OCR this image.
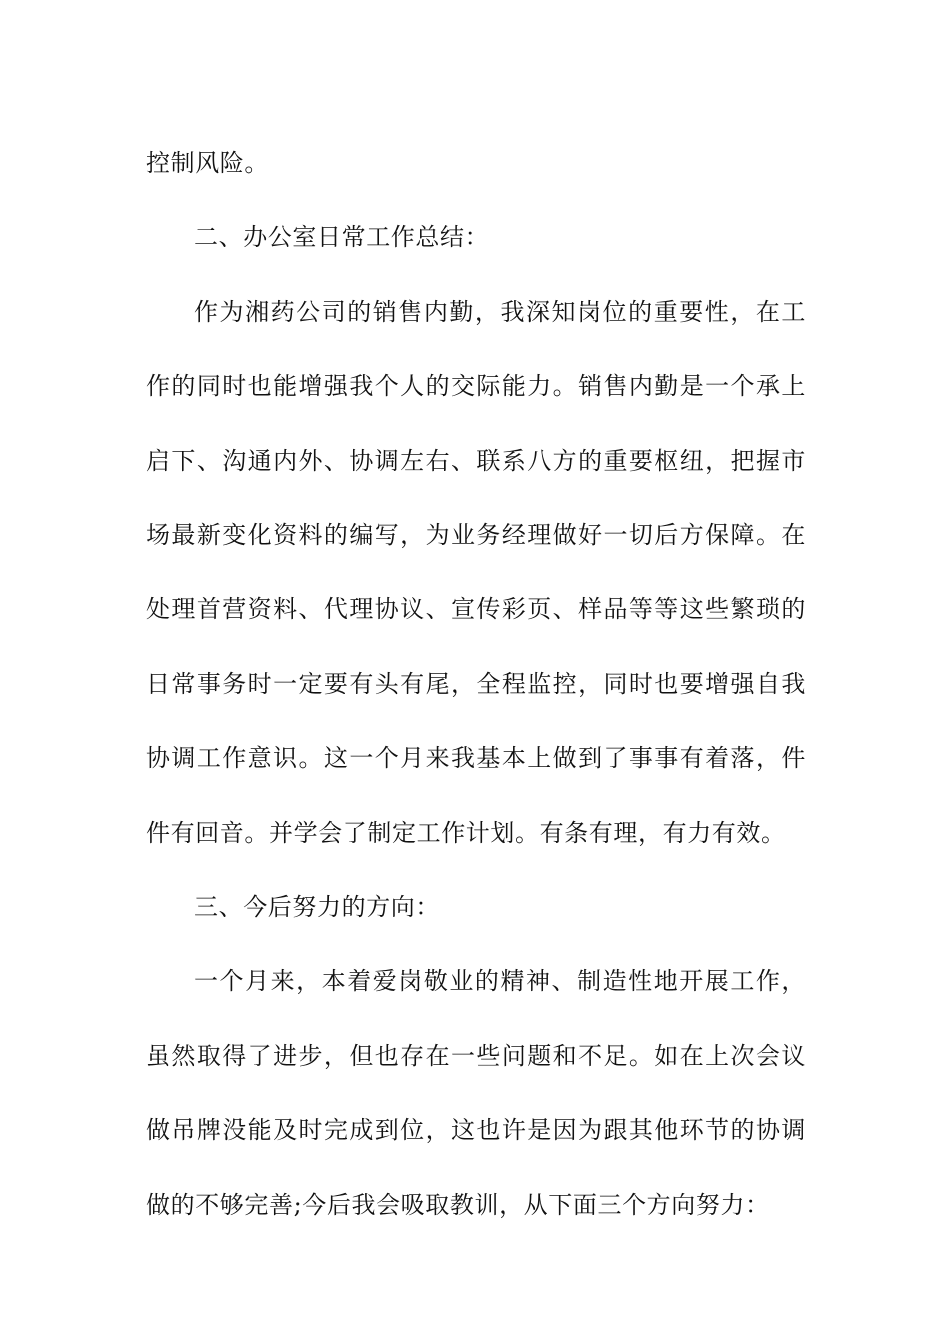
控制风险。

二、办公室日常工作总结：

作为湘药公司的销售内勤，我深知岗位的重要性，在工作的同时也能增强我个人的交际能力。销售内勤是一个承上启下、沟通内外、协调左右、联系八方的重要枢纽，把握市场最新变化资料的编写，为业务经理做好一切后方保障。在处理首营资料、代理协议、宣传彩页、样品等等这些繁琐的日常事务时一定要有头有尾，全程监控，同时也要增强自我协调工作意识。这一个月来我基本上做到了事事有着落，件件有回音。并学会了制定工作计划。有条有理，有力有效。

三、今后努力的方向：

一个月来，本着爱岗敬业的精神、制造性地开展工作，虽然取得了进步，但也存在一些问题和不足。如在上次会议做吊牌没能及时完成到位，这也许是因为跟其他环节的协调做的不够完善;今后我会吸取教训，从下面三个方向努力：
